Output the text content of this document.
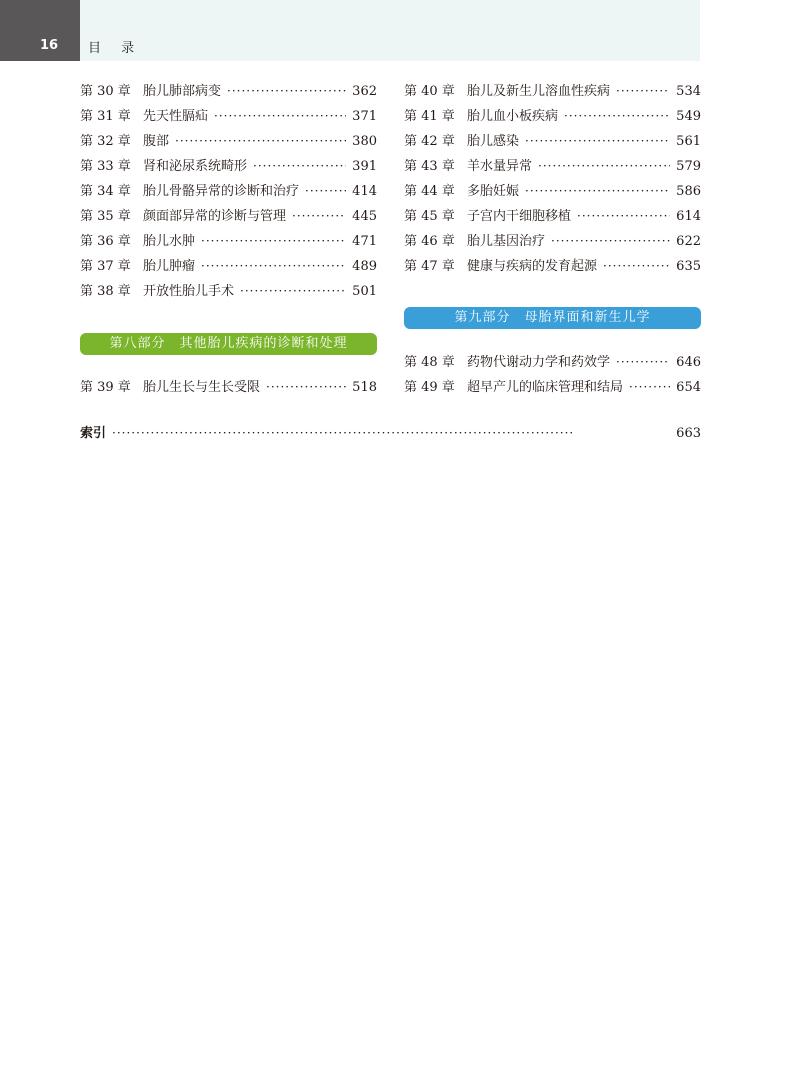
16 目 录
第 30 章 胎儿肺部病变 ·····	362
第 31 章 先天性膈疝 ·····	371
第 32 章 腹部 ·····	380
第 33 章 肾和泌尿系统畸形 ·····	391
第 34 章 胎儿骨骼异常的诊断和治疗 ·····	414
第 35 章 颜面部异常的诊断与管理 ·····	445
第 36 章 胎儿水肿 ·····	471
第 37 章 胎儿肿瘤 ·····	489
第 38 章 开放性胎儿手术 ·····	501
第八部分　其他胎儿疾病的诊断和处理
第 39 章 胎儿生长与生长受限 ·····	518
第 40 章 胎儿及新生儿溶血性疾病 ·····	534
第 41 章 胎儿血小板疾病 ·····	549
第 42 章 胎儿感染 ·····	561
第 43 章 羊水量异常 ·····	579
第 44 章 多胎妊娠 ·····	586
第 45 章 子宫内干细胞移植 ·····	614
第 46 章 胎儿基因治疗 ·····	622
第 47 章 健康与疾病的发育起源 ·····	635
第九部分　母胎界面和新生儿学
第 48 章 药物代谢动力学和药效学 ·····	646
第 49 章 超早产儿的临床管理和结局 ·····	654
索引 ·····	663
